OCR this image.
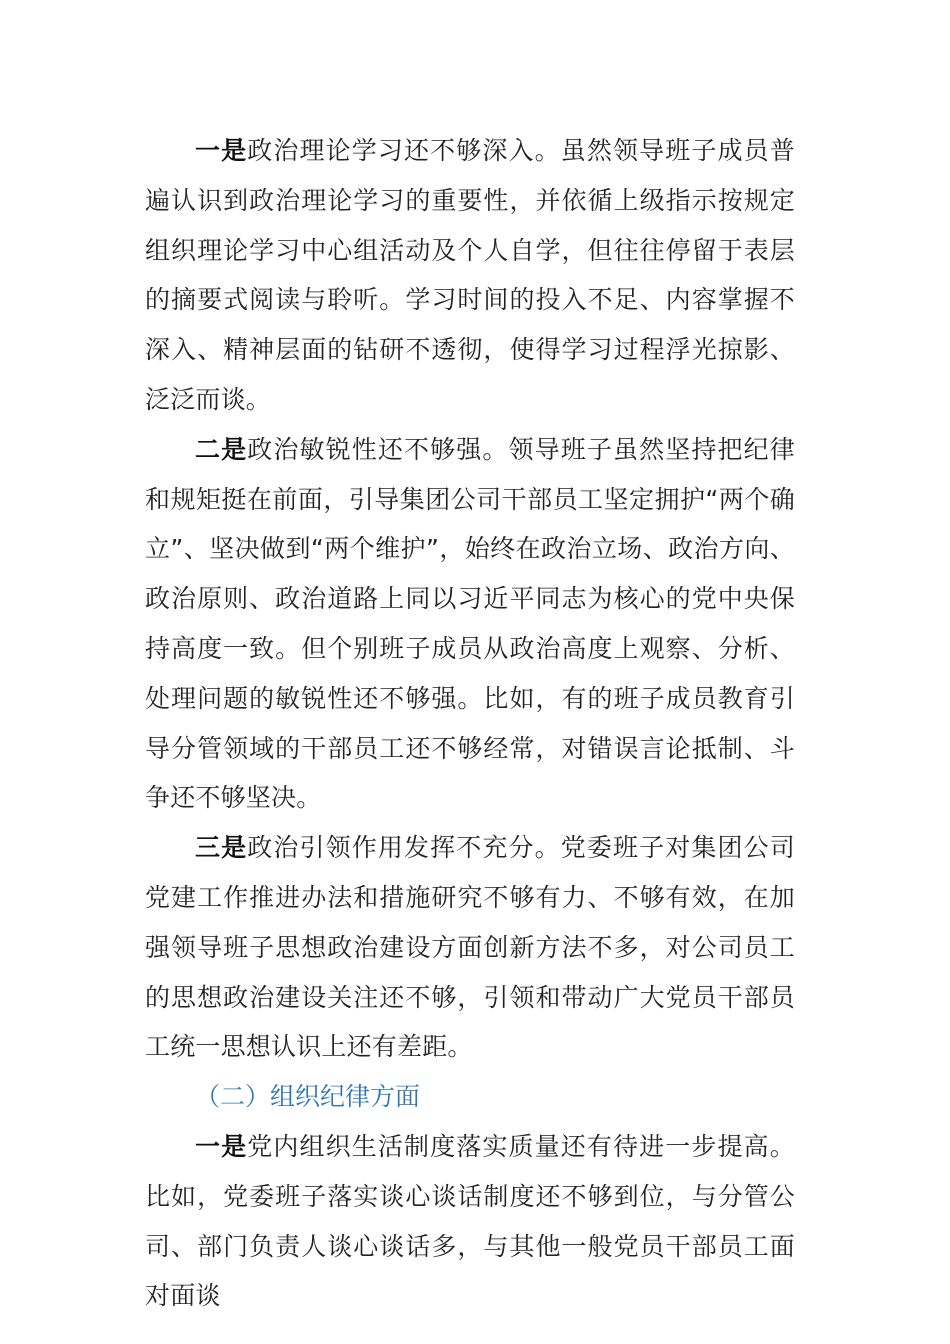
一是政治理论学习还不够深入。虽然领导班子成员普遍认识到政治理论学习的重要性，并依循上级指示按规定组织理论学习中心组活动及个人自学，但往往停留于表层的摘要式阅读与聆听。学习时间的投入不足、内容掌握不深入、精神层面的钻研不透彻，使得学习过程浮光掠影、泛泛而谈。

二是政治敏锐性还不够强。领导班子虽然坚持把纪律和规矩挺在前面，引导集团公司干部员工坚定拥护“两个确立”、坚决做到“两个维护”，始终在政治立场、政治方向、政治原则、政治道路上同以习近平同志为核心的党中央保持高度一致。但个别班子成员从政治高度上观察、分析、处理问题的敏锐性还不够强。比如，有的班子成员教育引导分管领域的干部员工还不够经常，对错误言论抵制、斗争还不够坚决。

三是政治引领作用发挥不充分。党委班子对集团公司党建工作推进办法和措施研究不够有力、不够有效，在加强领导班子思想政治建设方面创新方法不多，对公司员工的思想政治建设关注还不够，引领和带动广大党员干部员工统一思想认识上还有差距。

（二）组织纪律方面

一是党内组织生活制度落实质量还有待进一步提高。比如，党委班子落实谈心谈话制度还不够到位，与分管公司、部门负责人谈心谈话多，与其他一般党员干部员工面对面谈
